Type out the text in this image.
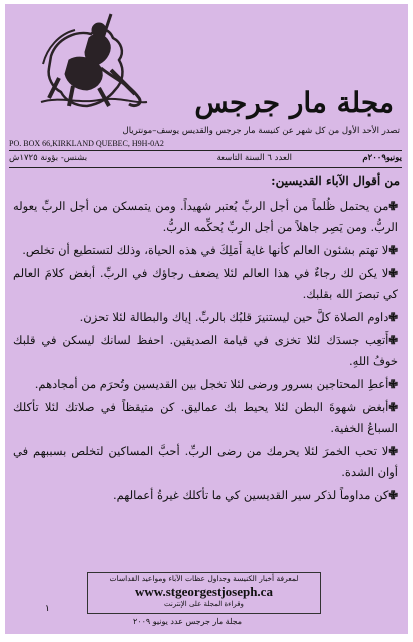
مجلة مار جرجس
تصدر الأحد الأول من كل شهر عن كنيسة مار جرجس والقديس يوسف–مونتريال
PO. BOX 66,KIRKLAND QUEBEC, H9H-0A2
يونيو٢٠٠٩م
العدد ٦ السنة التاسعة
بشنس- بؤونة ١٧٢٥ش
من أقوال الآباء القديسين:

✙من يحتمل ظُلماً من أجل الربِّ يُعتبر شهيداً. ومن يتمسكن من أجل الربِّ يعوله الربُّ. ومن يَصِر جاهلاً من أجل الربِّ يُحكِّمه الربُّ.

✙لا تهتم بشئون العالم كأنها غاية أَمَلِكَ في هذه الحياة، وذلك لتستطيع أن تخلص.

✙لا يكن لك رجاءٌ في هذا العالم لئلا يضعف رجاؤك في الربِّ. أبغض كلامَ العالم كي تبصرَ الله بقلبك.

✙داوم الصلاة كلَّ حين ليستنيرَ قلبُك بالربِّ. إياك والبطالة لئلا تحزن.

✙أَتعِب جسدَك لئلا تخزى في قيامة الصديقين. احفظ لسانك ليسكن في قلبك خوفُ اللهِ.

✙أعطِ المحتاجين بسرور ورضى لئلا تخجل بين القديسين وتُحرَم من أمجادهم.

✙أبغض شهوةَ البطن لئلا يحيط بك عماليق. كن متيقظاً في صلاتك لئلا تأكلك السباعُ الخفية.

✙لا تحب الخمرَ لئلا يحرمك من رضى الربِّ. أحبَّ المساكين لتخلص بسببهم في أوان الشدة.

✙كن مداوماً لذكر سير القديسين كي ما تأكلك غيرةُ أعمالهم.

لمعرفة أخبار الكنيسة وجداول عظات الآباء ومواعيد القداسات
www.stgeorgestjoseph.ca
وقراءة المجلة على الإنترنت
١
مجلة مار جرجس عدد يونيو ٢٠٠٩
